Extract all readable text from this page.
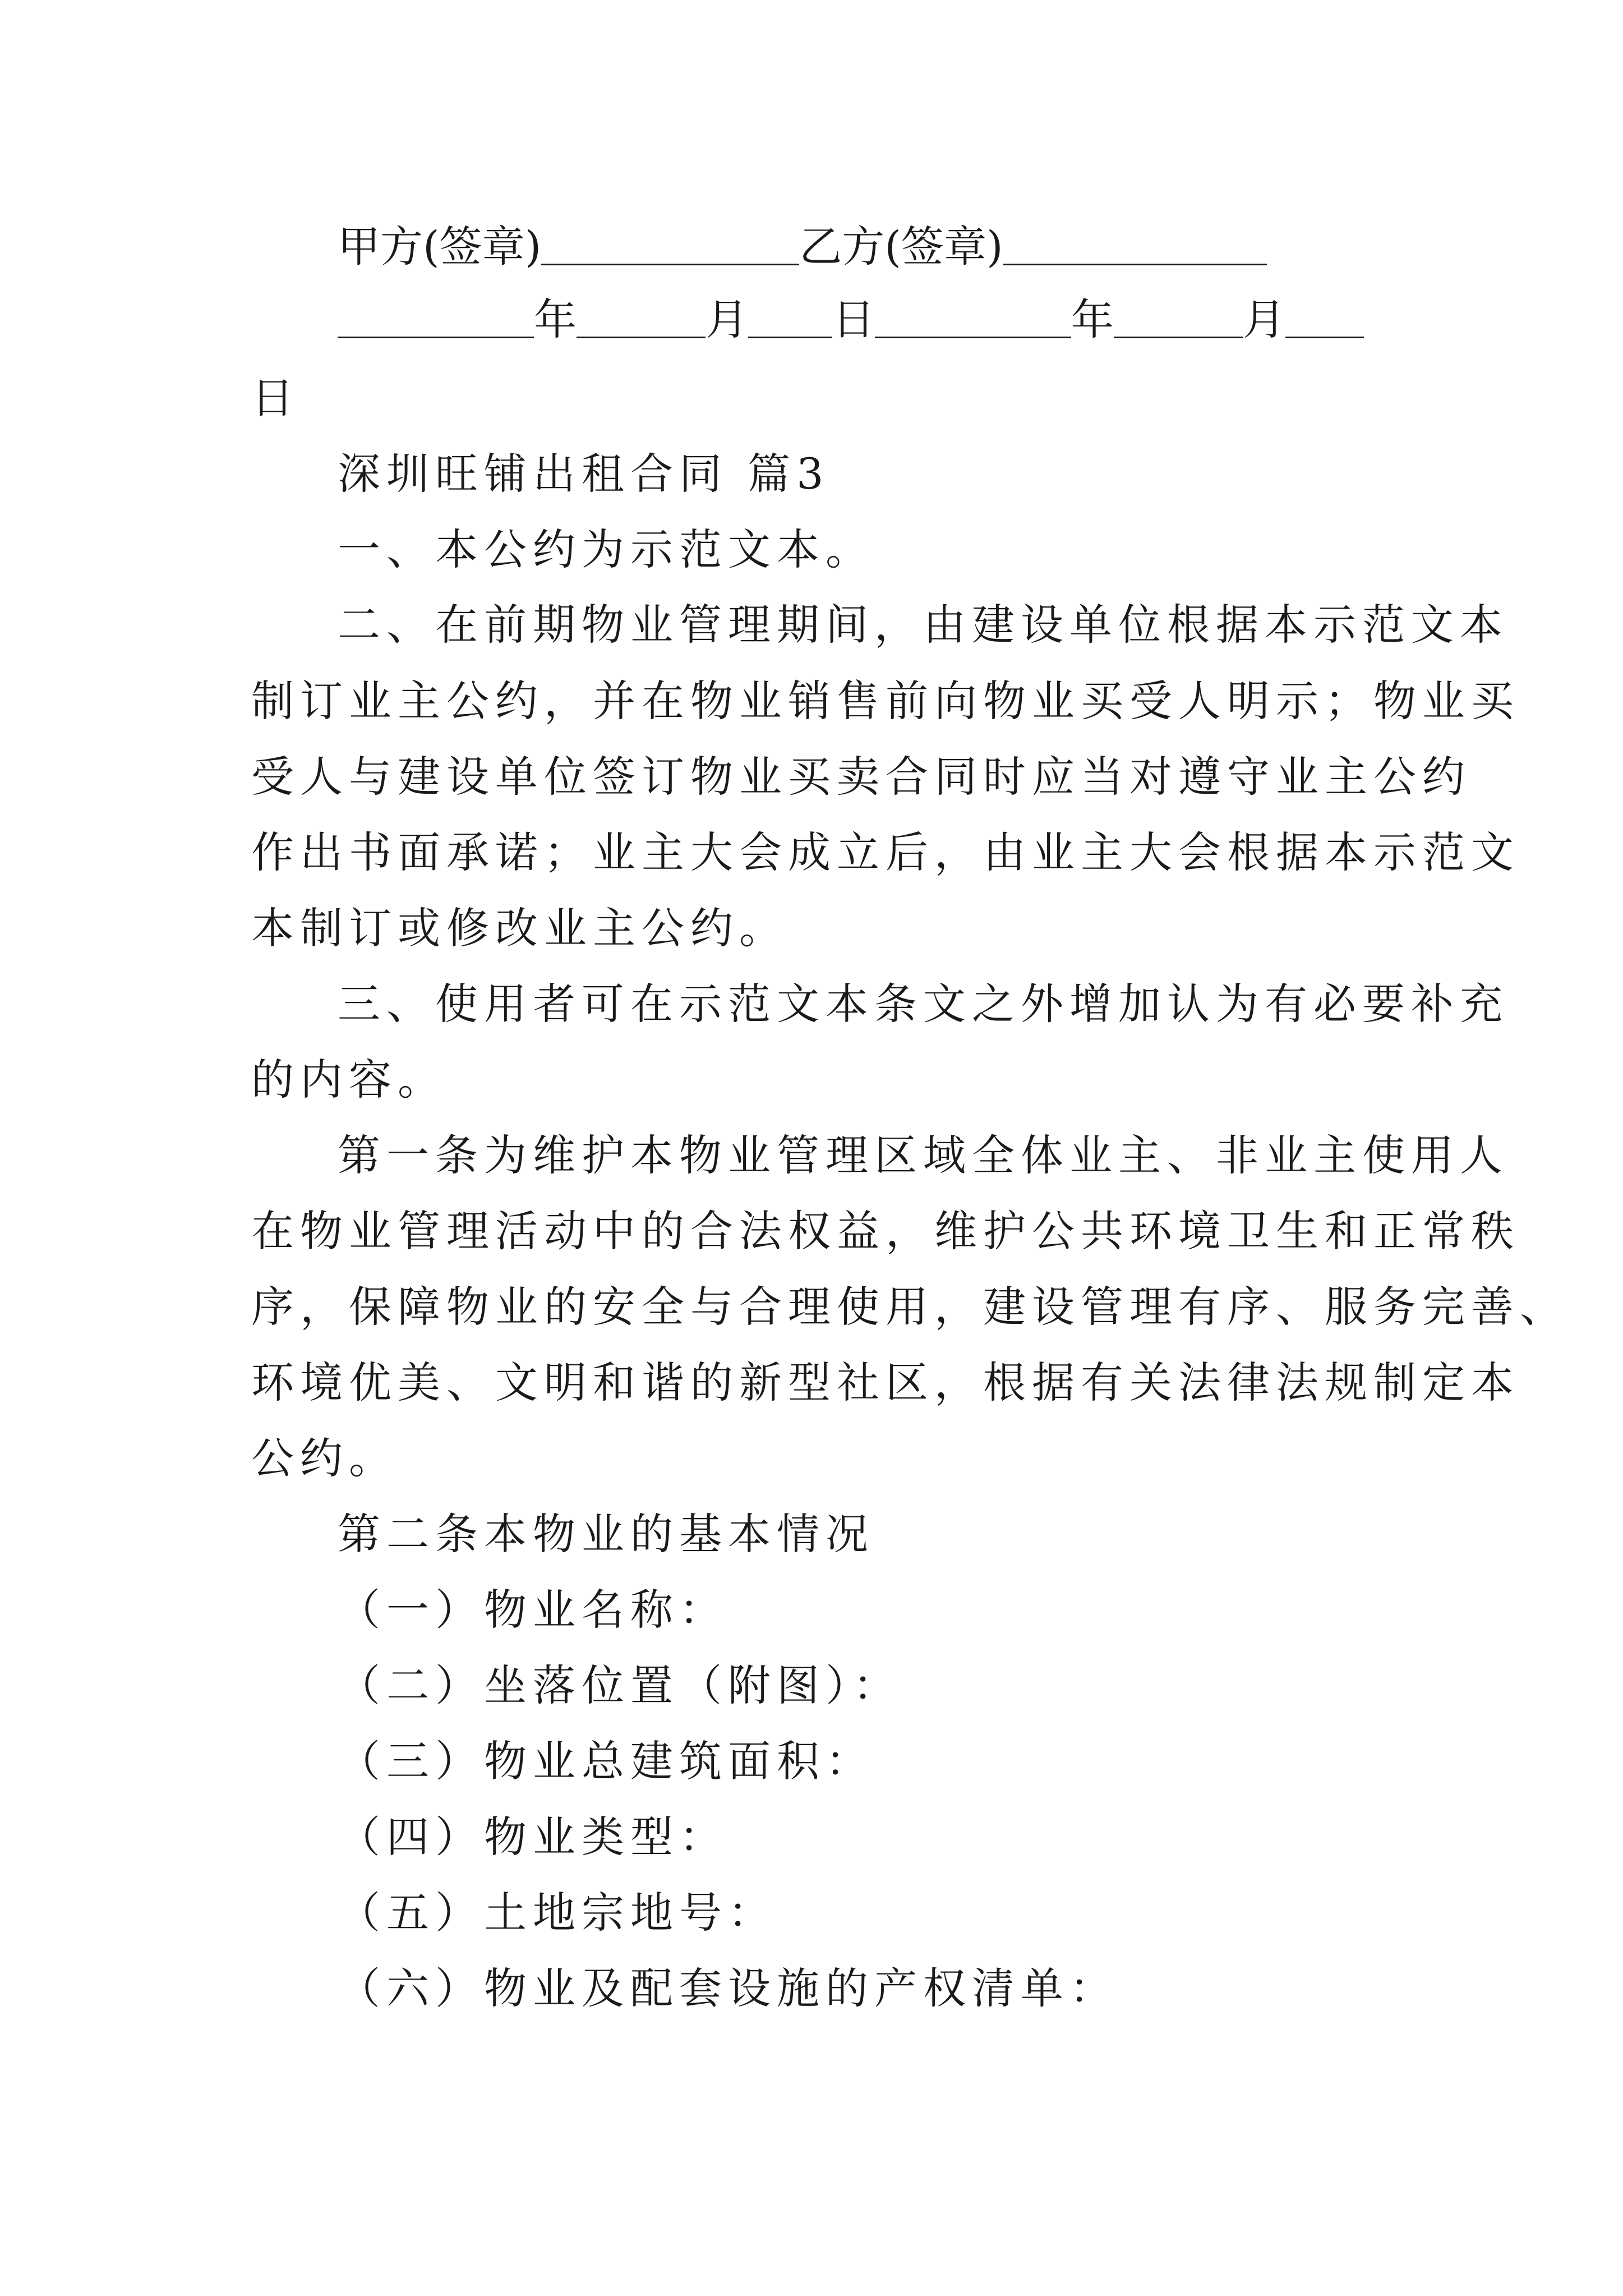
甲方(签章)	乙方(签章)
年	月 日	年	月
日
深圳旺铺出租合同 篇3
一、本公约为示范文本。
二、在前期物业管理期间，由建设单位根据本示范文本
制订业主公约，并在物业销售前向物业买受人明示；物业买
受人与建设单位签订物业买卖合同时应当对遵守业主公约
作出书面承诺；业主大会成立后，由业主大会根据本示范文
本制订或修改业主公约。
三、使用者可在示范文本条文之外增加认为有必要补充
的内容。
第一条为维护本物业管理区域全体业主、非业主使用人
在物业管理活动中的合法权益，维护公共环境卫生和正常秩
序，保障物业的安全与合理使用，建设管理有序、服务完善、
环境优美、文明和谐的新型社区，根据有关法律法规制定本
公约。
第二条本物业的基本情况
（一）物业名称：
（二）坐落位置（附图）：
（三）物业总建筑面积：
（四）物业类型：
（五）土地宗地号：
（六）物业及配套设施的产权清单：
